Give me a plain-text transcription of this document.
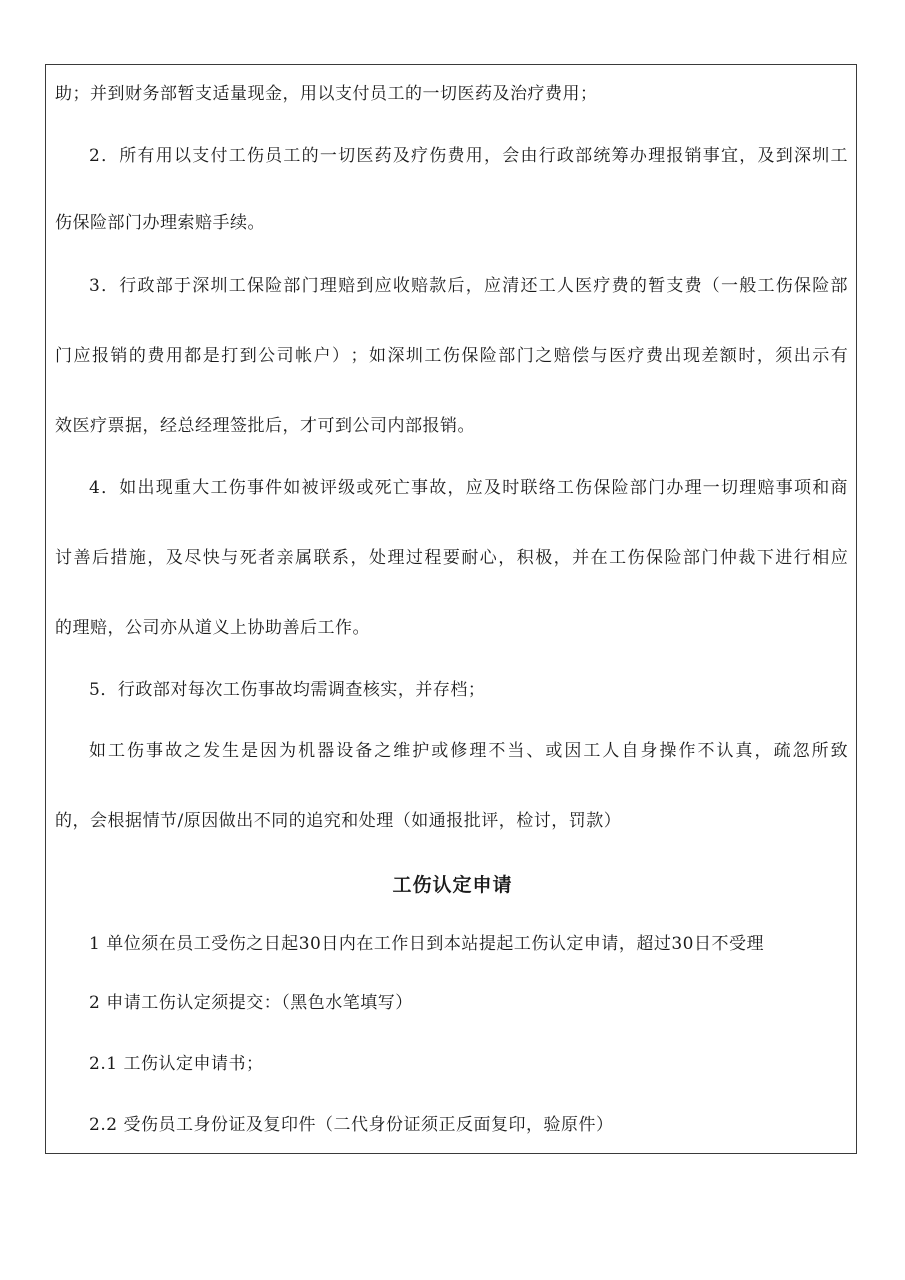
助；并到财务部暂支适量现金，用以支付员工的一切医药及治疗费用；
2 ． 所 有 用 以 支 付 工 伤 员 工 的 一 切 医 药 及 疗 伤 费 用 ， 会 由 行 政 部 统 筹 办 理 报 销 事 宜 ， 及 到 深 圳 工
伤保险部门办理索赔手续。
3 ． 行 政 部 于 深 圳 工 保 险 部 门 理 赔 到 应 收 赔 款 后 ， 应 清 还 工 人 医 疗 费 的 暂 支 费 （ 一 般 工 伤 保 险 部
门 应 报 销 的 费 用 都 是 打 到 公 司 帐 户 ） ； 如 深 圳 工 伤 保 险 部 门 之 赔 偿 与 医 疗 费 出 现 差 额 时 ， 须 出 示 有
效医疗票据，经总经理签批后，才可到公司内部报销。
4 ． 如 出 现 重 大 工 伤 事 件 如 被 评 级 或 死 亡 事 故 ， 应 及 时 联 络 工 伤 保 险 部 门 办 理 一 切 理 赔 事 项 和 商
讨 善 后 措 施 ， 及 尽 快 与 死 者 亲 属 联 系 ， 处 理 过 程 要 耐 心 ， 积 极 ， 并 在 工 伤 保 险 部 门 仲 裁 下 进 行 相 应
的理赔，公司亦从道义上协助善后工作。
5．行政部对每次工伤事故均需调查核实，并存档；
如 工 伤 事 故 之 发 生 是 因 为 机 器 设 备 之 维 护 或 修 理 不 当 、 或 因 工 人 自 身 操 作 不 认 真 ， 疏 忽 所 致
的，会根据情节/原因做出不同的追究和处理（如通报批评，检讨，罚款）
工伤认定申请
1 单位须在员工受伤之日起30日内在工作日到本站提起工伤认定申请，超过30日不受理
2 申请工伤认定须提交：（黑色水笔填写）
2.1 工伤认定申请书；
2.2 受伤员工身份证及复印件（二代身份证须正反面复印，验原件）
